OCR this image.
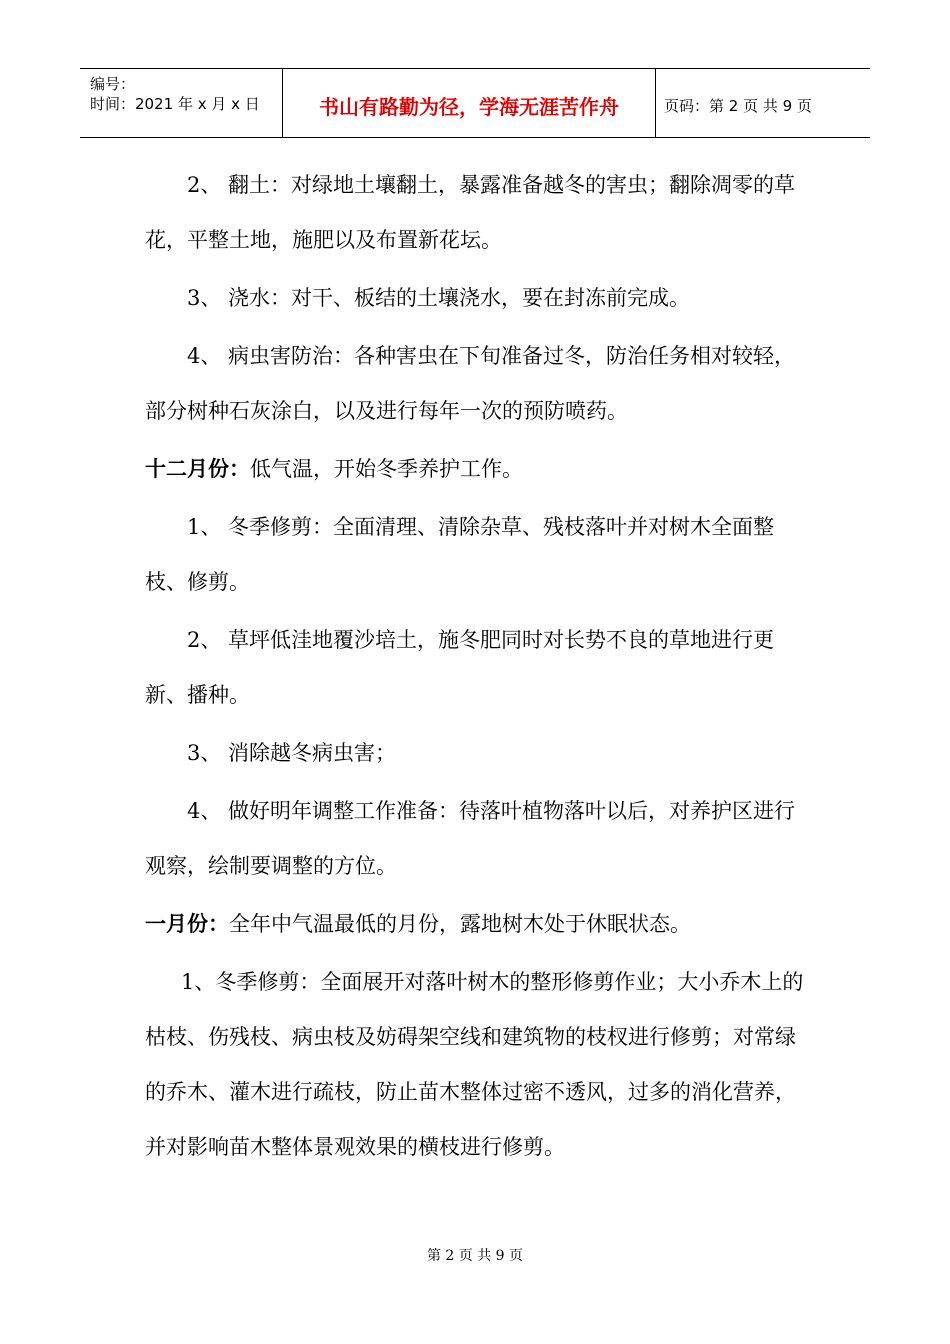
编号：
时间：2021 年 x 月 x 日	书山有路勤为径，学海无涯苦作舟	页码：第 2 页 共 9 页

2、 翻土：对绿地土壤翻土，暴露准备越冬的害虫；翻除凋零的草花，平整土地，施肥以及布置新花坛。

3、 浇水：对干、板结的土壤浇水，要在封冻前完成。

4、 病虫害防治：各种害虫在下旬准备过冬，防治任务相对较轻，部分树种石灰涂白，以及进行每年一次的预防喷药。

十二月份：低气温，开始冬季养护工作。

1、 冬季修剪：全面清理、清除杂草、残枝落叶并对树木全面整枝、修剪。

2、 草坪低洼地覆沙培土，施冬肥同时对长势不良的草地进行更新、播种。

3、 消除越冬病虫害；

4、 做好明年调整工作准备：待落叶植物落叶以后，对养护区进行观察，绘制要调整的方位。

一月份：全年中气温最低的月份，露地树木处于休眠状态。

1、冬季修剪：全面展开对落叶树木的整形修剪作业；大小乔木上的枯枝、伤残枝、病虫枝及妨碍架空线和建筑物的枝杈进行修剪；对常绿的乔木、灌木进行疏枝，防止苗木整体过密不透风，过多的消化营养，并对影响苗木整体景观效果的横枝进行修剪。

第 2 页 共 9 页
